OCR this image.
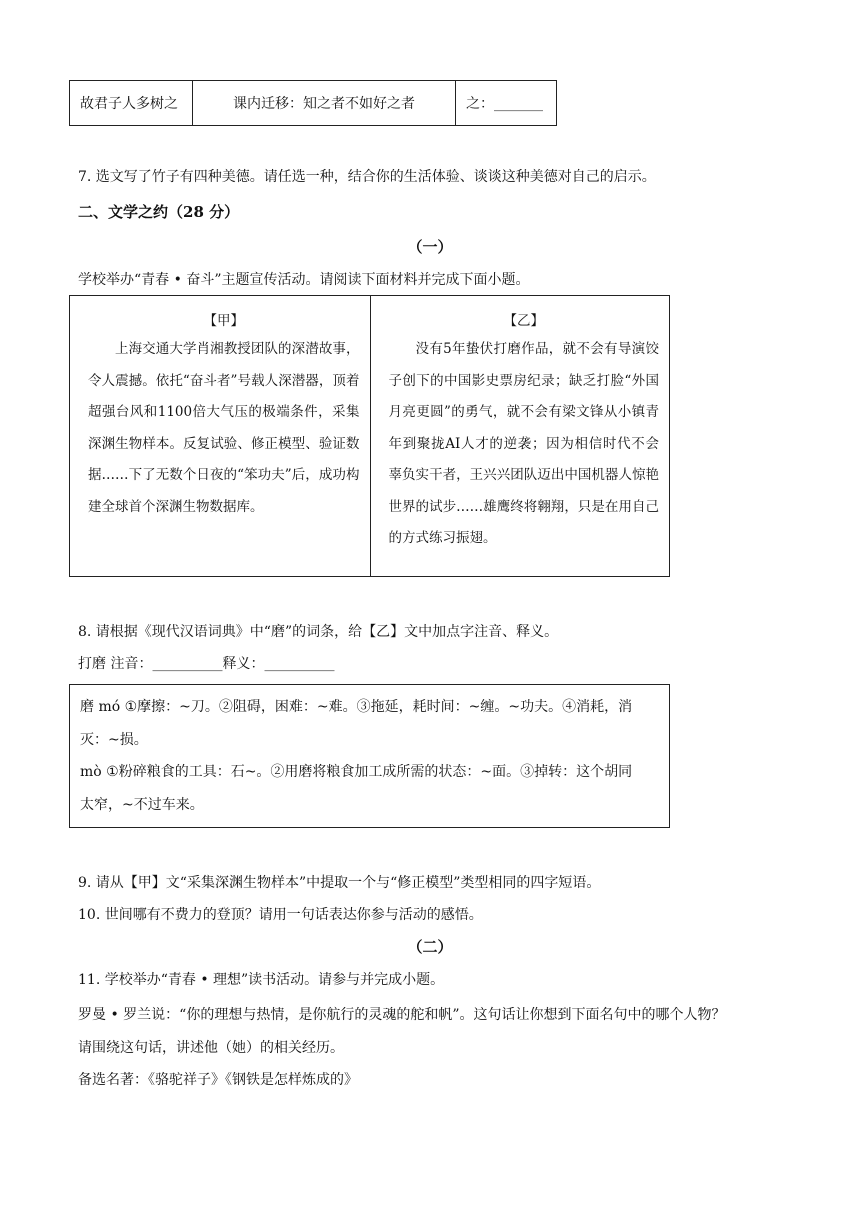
故君子人多树之	课内迁移：知之者不如好之者	之：_______
7. 选文写了竹子有四种美德。请任选一种，结合你的生活体验、谈谈这种美德对自己的启示。
二、文学之约（28 分）
（一）
学校举办“青春 • 奋斗”主题宣传活动。请阅读下面材料并完成下面小题。
【甲】

上海交通大学肖湘教授团队的深潜故事，令人震撼。依托“奋斗者”号载人深潜器，顶着超强台风和1100倍大气压的极端条件，采集深渊生物样本。反复试验、修正模型、验证数据……下了无数个日夜的“笨功夫”后，成功构建全球首个深渊生物数据库。

【乙】

没有5年蛰伏打磨作品，就不会有导演饺子创下的中国影史票房纪录；缺乏打脸“外国月亮更圆”的勇气，就不会有梁文锋从小镇青年到聚拢AI人才的逆袭；因为相信时代不会辜负实干者，王兴兴团队迈出中国机器人惊艳世界的试步……雄鹰终将翱翔，只是在用自己的方式练习振翅。

8. 请根据《现代汉语词典》中“磨”的词条，给【乙】文中加点字注音、释义。
打磨 注音：__________释义：__________

磨 mó ①摩擦：~刀。②阻碍，困难：~难。③拖延，耗时间：~缠。~功夫。④消耗，消

灭：~损。

mò ①粉碎粮食的工具：石~。②用磨将粮食加工成所需的状态：~面。③掉转：这个胡同

太窄，~不过车来。

9. 请从【甲】文“采集深渊生物样本”中提取一个与“修正模型”类型相同的四字短语。
10. 世间哪有不费力的登顶？请用一句话表达你参与活动的感悟。
（二）
11. 学校举办“青春 • 理想”读书活动。请参与并完成小题。
罗曼 • 罗兰说：“你的理想与热情，是你航行的灵魂的舵和帆”。这句话让你想到下面名句中的哪个人物？
请围绕这句话，讲述他（她）的相关经历。
备选名著：《骆驼祥子》《钢铁是怎样炼成的》
